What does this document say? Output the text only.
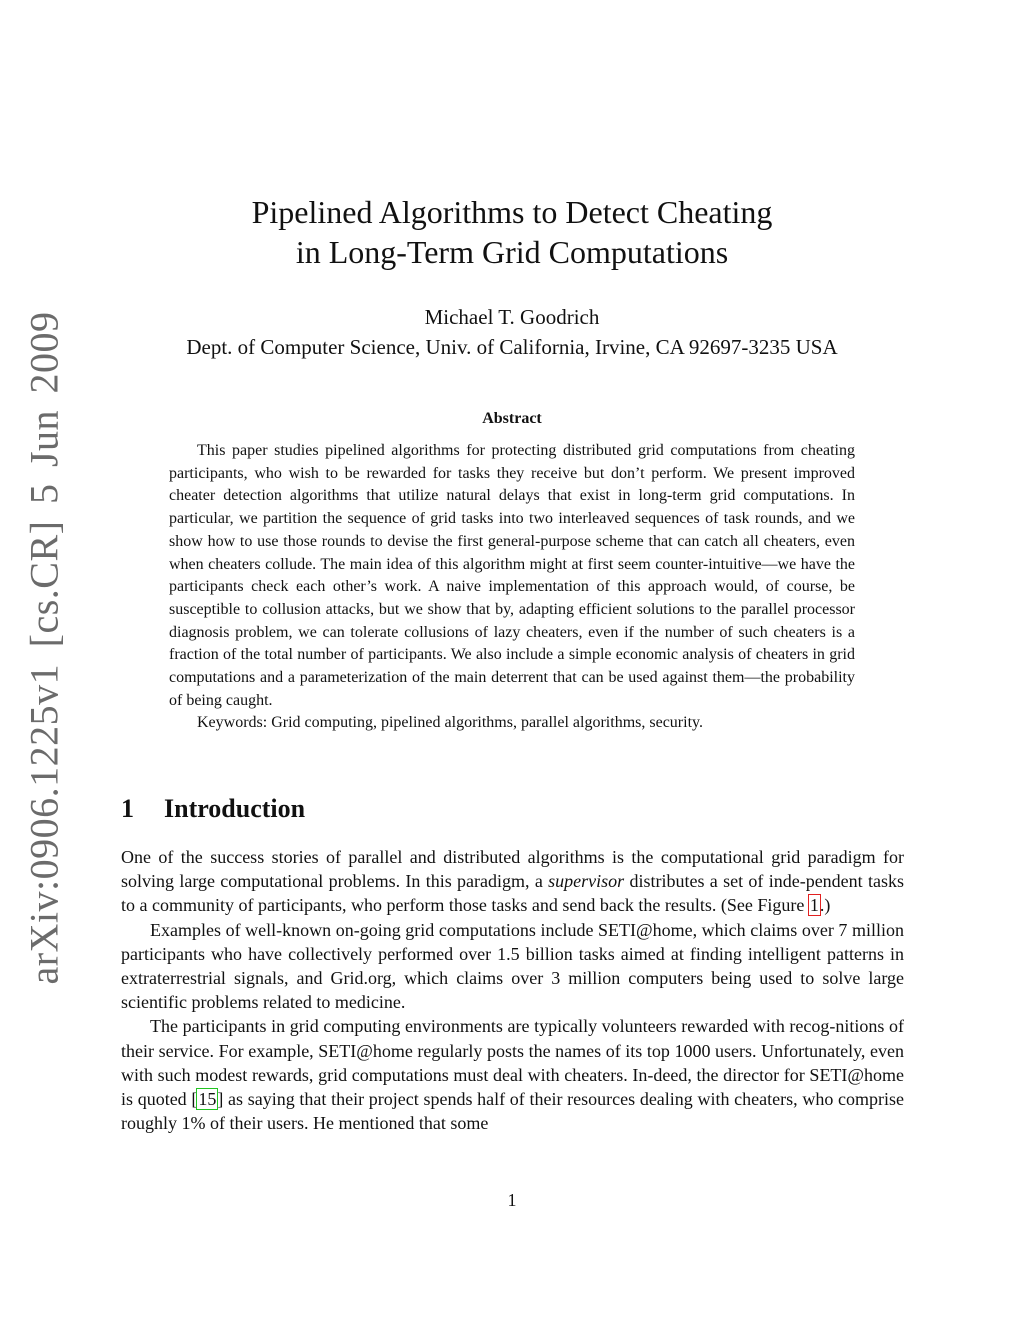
arXiv:0906.1225v1 [cs.CR] 5 Jun 2009
Pipelined Algorithms to Detect Cheating
in Long-Term Grid Computations
Michael T. Goodrich
Dept. of Computer Science, Univ. of California, Irvine, CA 92697-3235 USA
Abstract

This paper studies pipelined algorithms for protecting distributed grid computations from cheating participants, who wish to be rewarded for tasks they receive but don’t perform. We present improved cheater detection algorithms that utilize natural delays that exist in long-term grid computations. In particular, we partition the sequence of grid tasks into two interleaved sequences of task rounds, and we show how to use those rounds to devise the first general-purpose scheme that can catch all cheaters, even when cheaters collude. The main idea of this algorithm might at first seem counter-intuitive—we have the participants check each other’s work. A naive implementation of this approach would, of course, be susceptible to collusion attacks, but we show that by, adapting efficient solutions to the parallel processor diagnosis problem, we can tolerate collusions of lazy cheaters, even if the number of such cheaters is a fraction of the total number of participants. We also include a simple economic analysis of cheaters in grid computations and a parameterization of the main deterrent that can be used against them—the probability of being caught.

Keywords: Grid computing, pipelined algorithms, parallel algorithms, security.

1 Introduction

One of the success stories of parallel and distributed algorithms is the computational grid paradigm for solving large computational problems. In this paradigm, a supervisor distributes a set of inde-pendent tasks to a community of participants, who perform those tasks and send back the results. (See Figure 1.)

Examples of well-known on-going grid computations include SETI@home, which claims over 7 million participants who have collectively performed over 1.5 billion tasks aimed at finding intelligent patterns in extraterrestrial signals, and Grid.org, which claims over 3 million computers being used to solve large scientific problems related to medicine.

The participants in grid computing environments are typically volunteers rewarded with recog-nitions of their service. For example, SETI@home regularly posts the names of its top 1000 users. Unfortunately, even with such modest rewards, grid computations must deal with cheaters. In-deed, the director for SETI@home is quoted [15] as saying that their project spends half of their resources dealing with cheaters, who comprise roughly 1% of their users. He mentioned that some

1
